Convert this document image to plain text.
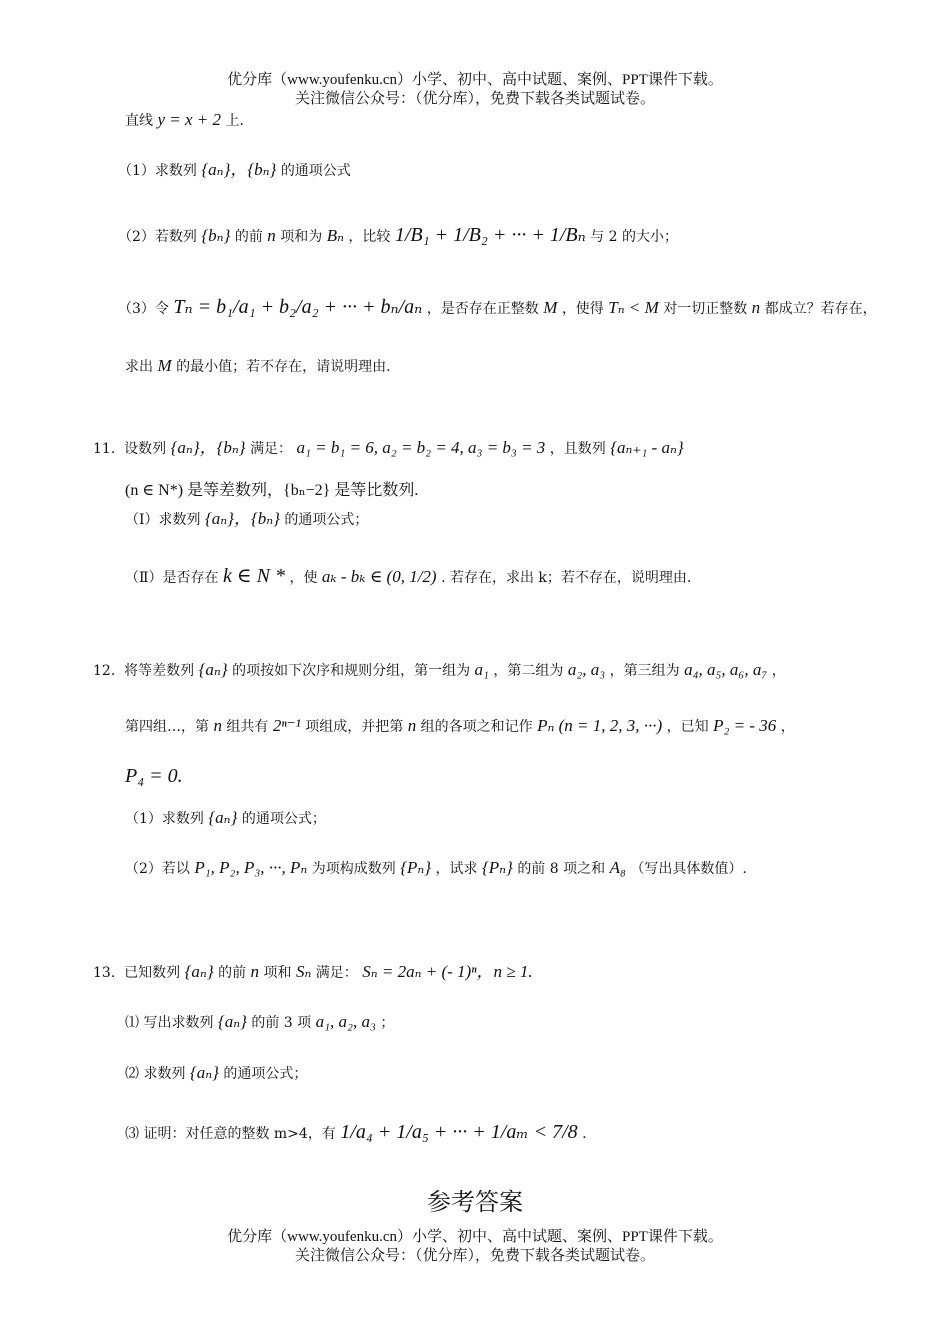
优分库（www.youfenku.cn）小学、初中、高中试题、案例、PPT课件下载。
关注微信公众号：（优分库），免费下载各类试题试卷。
直线 y = x + 2 上.
（1）求数列 {aₙ}，{bₙ} 的通项公式
（2）若数列 {bₙ} 的前 n 项和为 Bₙ ，比较 1/B₁ + 1/B₂ + ··· + 1/Bₙ 与 2 的大小；
（3）令 Tₙ = b₁/a₁ + b₂/a₂ + ··· + bₙ/aₙ ，是否存在正整数 M ，使得 Tₙ < M 对一切正整数 n 都成立？若存在，
求出 M 的最小值；若不存在，请说明理由.
11. 设数列 {aₙ}，{bₙ} 满足： a₁ = b₁ = 6, a₂ = b₂ = 4, a₃ = b₃ = 3 ，且数列 {aₙ₊₁ - aₙ}
(n ∈ N*) 是等差数列，{bₙ−2} 是等比数列.
（Ⅰ）求数列 {aₙ}，{bₙ} 的通项公式；
（Ⅱ）是否存在 k ∈ N * ，使 aₖ - bₖ ∈ (0, 1/2) . 若存在，求出 k；若不存在，说明理由.
12. 将等差数列 {aₙ} 的项按如下次序和规则分组，第一组为 a₁ ，第二组为 a₂, a₃ ，第三组为 a₄, a₅, a₆, a₇ ，
第四组…，第 n 组共有 2ⁿ⁻¹ 项组成，并把第 n 组的各项之和记作 Pₙ (n = 1, 2, 3, ···) ，已知 P₂ = - 36 ，
P₄ = 0.
（1）求数列 {aₙ} 的通项公式；
（2）若以 P₁, P₂, P₃, ···, Pₙ 为项构成数列 {Pₙ} ，试求 {Pₙ} 的前 8 项之和 A₈ （写出具体数值）.
13. 已知数列 {aₙ} 的前 n 项和 Sₙ 满足： Sₙ = 2aₙ + (- 1)ⁿ，n ≥ 1.
⑴ 写出求数列 {aₙ} 的前 3 项 a₁, a₂, a₃ ；
⑵ 求数列 {aₙ} 的通项公式；
⑶ 证明：对任意的整数 m>4，有 1/a₄ + 1/a₅ + ··· + 1/aₘ < 7/8 .
参考答案
优分库（www.youfenku.cn）小学、初中、高中试题、案例、PPT课件下载。
关注微信公众号：（优分库），免费下载各类试题试卷。
